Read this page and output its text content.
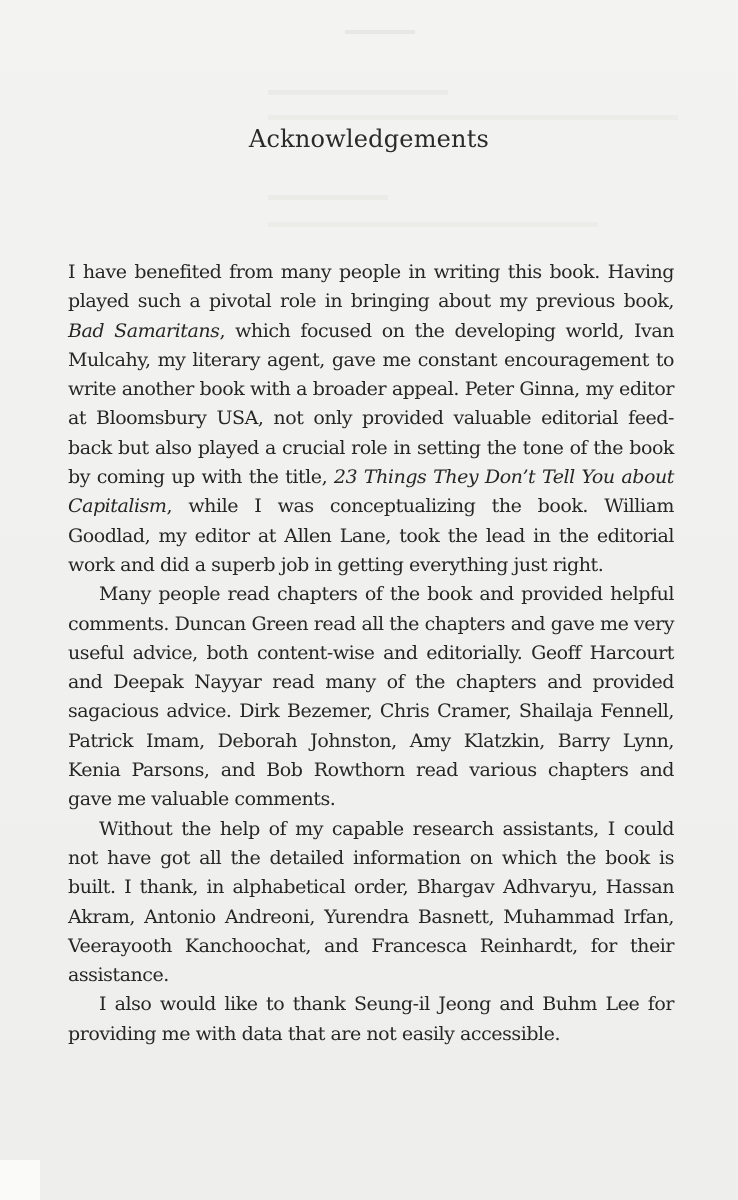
Acknowledgements

I have benefited from many people in writing this book. Having played such a pivotal role in bringing about my previous book, Bad Samaritans, which focused on the developing world, Ivan Mulcahy, my literary agent, gave me constant encouragement to write another book with a broader appeal. Peter Ginna, my editor at Bloomsbury USA, not only provided valuable editorial feed-back but also played a crucial role in setting the tone of the book by coming up with the title, 23 Things They Don’t Tell You about Capitalism, while I was conceptualizing the book. William Goodlad, my editor at Allen Lane, took the lead in the editorial work and did a superb job in getting everything just right.

Many people read chapters of the book and provided helpful comments. Duncan Green read all the chapters and gave me very useful advice, both content-wise and editorially. Geoff Harcourt and Deepak Nayyar read many of the chapters and provided sagacious advice. Dirk Bezemer, Chris Cramer, Shailaja Fennell, Patrick Imam, Deborah Johnston, Amy Klatzkin, Barry Lynn, Kenia Parsons, and Bob Rowthorn read various chapters and gave me valuable comments.

Without the help of my capable research assistants, I could not have got all the detailed information on which the book is built. I thank, in alphabetical order, Bhargav Adhvaryu, Hassan Akram, Antonio Andreoni, Yurendra Basnett, Muhammad Irfan, Veerayooth Kanchoochat, and Francesca Reinhardt, for their assistance.

I also would like to thank Seung-il Jeong and Buhm Lee for providing me with data that are not easily accessible.
